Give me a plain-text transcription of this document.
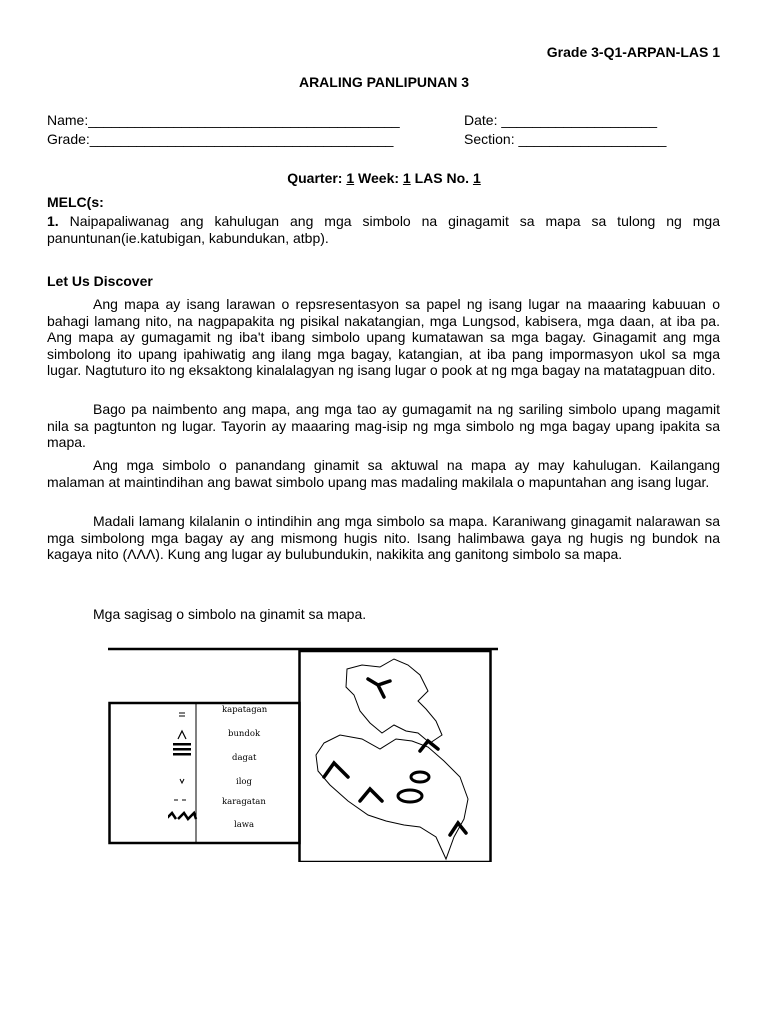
Grade 3-Q1-ARPAN-LAS 1
ARALING PANLIPUNAN 3
Name:________________________________________	Date: ____________________
Grade:_______________________________________	Section: ___________________
Quarter: 1 Week: 1 LAS No. 1
MELC(s:
1. Naipapaliwanag ang kahulugan ang mga simbolo na ginagamit sa mapa sa tulong ng mga panuntunan(ie.katubigan, kabundukan, atbp).
Let Us Discover
Ang mapa ay isang larawan o repsresentasyon sa papel ng isang lugar na maaaring kabuuan o bahagi lamang nito, na nagpapakita ng pisikal nakatangian, mga Lungsod, kabisera, mga daan, at iba pa. Ang mapa ay gumagamit ng iba't ibang simbolo upang kumatawan sa mga bagay. Ginagamit ang mga simbolong ito upang ipahiwatig ang ilang mga bagay, katangian, at iba pang impormasyon ukol sa mga lugar. Nagtuturo ito ng eksaktong kinalalagyan ng isang lugar o pook at ng mga bagay na matatagpuan dito.
Bago pa naimbento ang mapa, ang mga tao ay gumagamit na ng sariling simbolo upang magamit nila sa pagtunton ng lugar. Tayorin ay maaaring mag-isip ng mga simbolo ng mga bagay upang ipakita sa mapa.
Ang mga simbolo o panandang ginamit sa aktuwal na mapa ay may kahulugan. Kailangang malaman at maintindihan ang bawat simbolo upang mas madaling makilala o mapuntahan ang isang lugar.
Madali lamang kilalanin o intindihin ang mga simbolo sa mapa. Karaniwang ginagamit nalarawan sa mga simbolong mga bagay ay ang mismong hugis nito. Isang halimbawa gaya ng hugis ng bundok na kagaya nito (ΛΛΛ). Kung ang lugar ay bulubundukin, nakikita ang ganitong simbolo sa mapa.
Mga sagisag o simbolo na ginamit sa mapa.
kapatagan
bundok
dagat
ilog
karagatan
lawa
